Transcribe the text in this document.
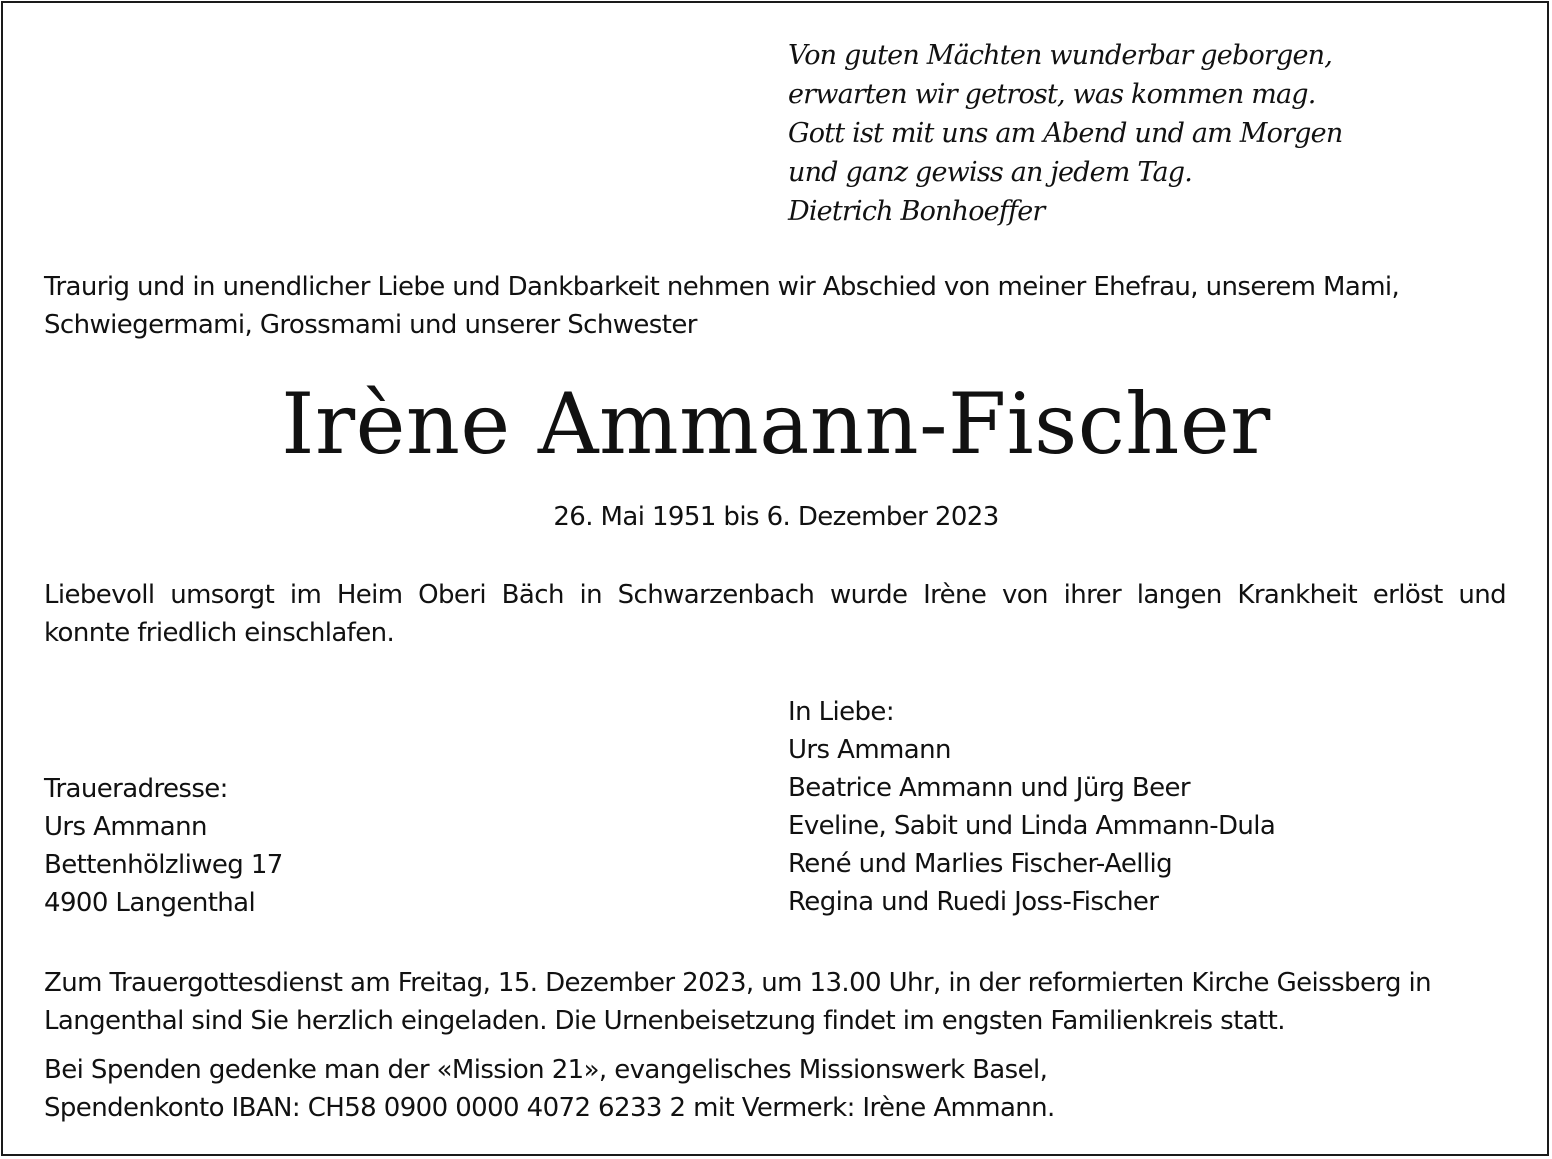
Von guten Mächten wunderbar geborgen,
erwarten wir getrost, was kommen mag.
Gott ist mit uns am Abend und am Morgen
und ganz gewiss an jedem Tag.
Dietrich Bonhoeffer
Traurig und in unendlicher Liebe und Dankbarkeit nehmen wir Abschied von meiner Ehefrau, unserem Mami,
Schwiegermami, Grossmami und unserer Schwester
Irène Ammann-Fischer
26. Mai 1951 bis 6. Dezember 2023
Liebevoll umsorgt im Heim Oberi Bäch in Schwarzenbach wurde Irène von ihrer langen Krankheit erlöst und
konnte friedlich einschlafen.
In Liebe:
Urs Ammann
Beatrice Ammann und Jürg Beer
Eveline, Sabit und Linda Ammann-Dula
René und Marlies Fischer-Aellig
Regina und Ruedi Joss-Fischer
Traueradresse:
Urs Ammann
Bettenhölzliweg 17
4900 Langenthal
Zum Trauergottesdienst am Freitag, 15. Dezember 2023, um 13.00 Uhr, in der reformierten Kirche Geissberg in
Langenthal sind Sie herzlich eingeladen. Die Urnenbeisetzung findet im engsten Familienkreis statt.
Bei Spenden gedenke man der «Mission 21», evangelisches Missionswerk Basel,
Spendenkonto IBAN: CH58 0900 0000 4072 6233 2 mit Vermerk: Irène Ammann.
